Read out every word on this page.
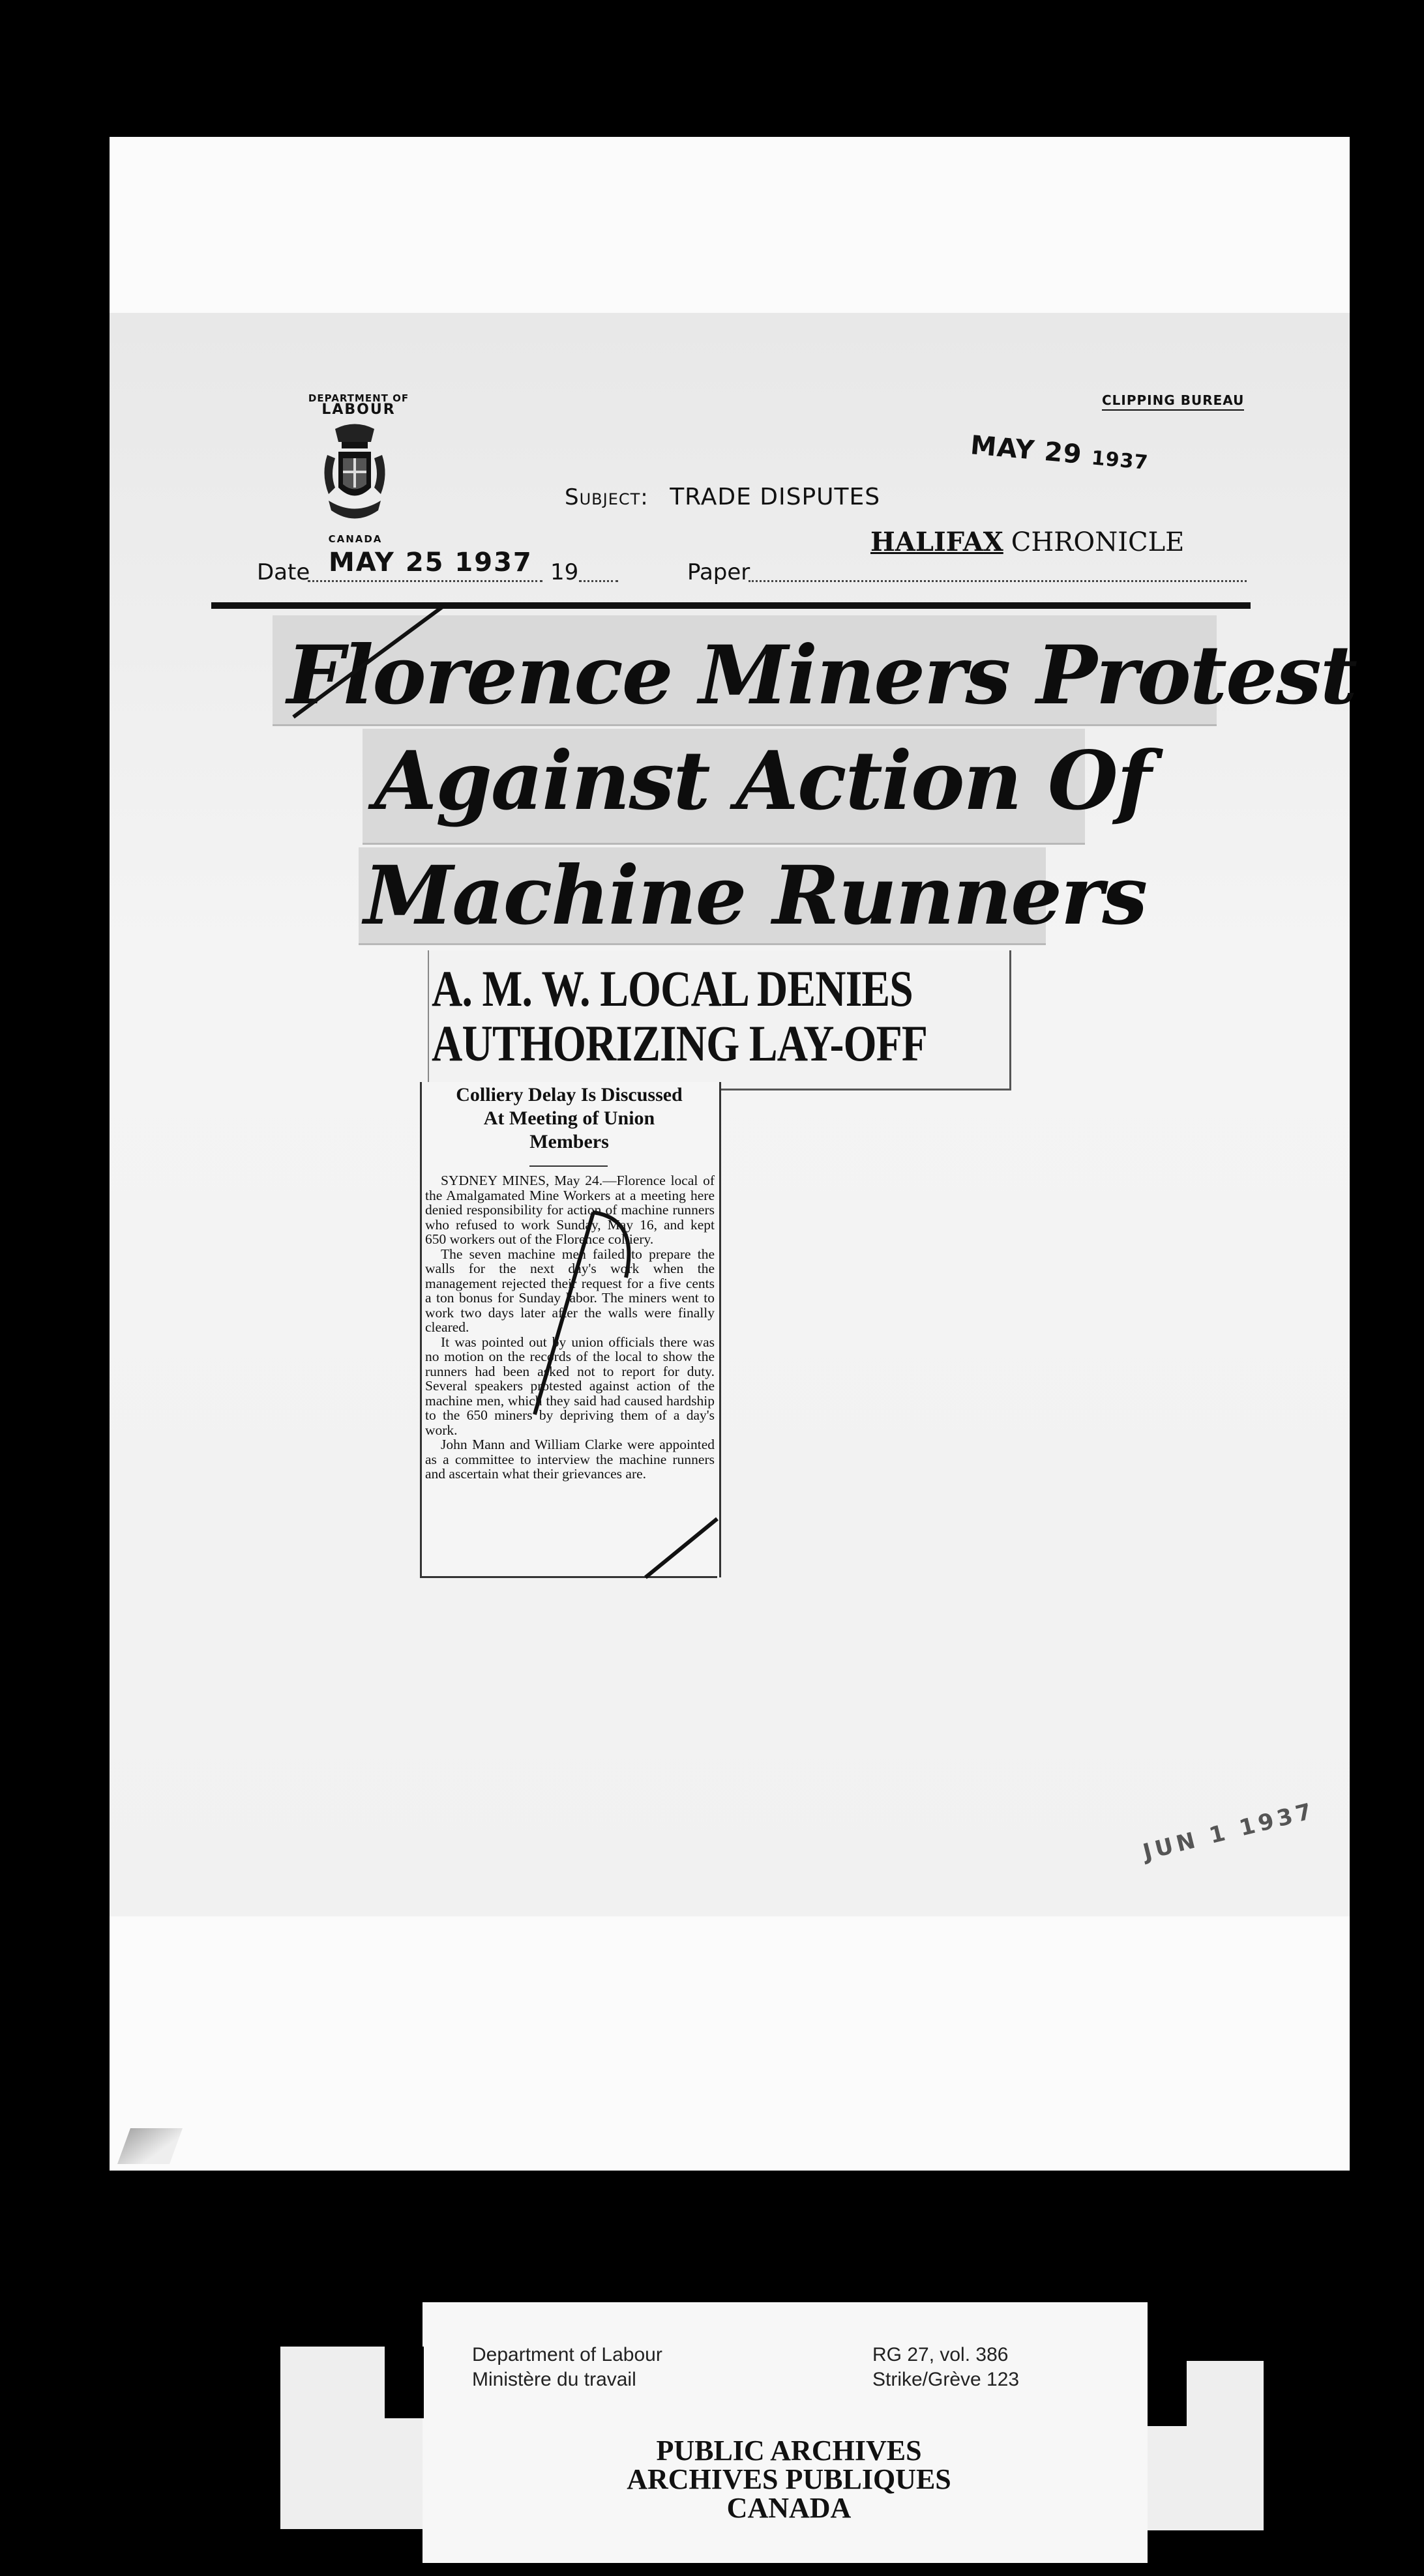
DEPARTMENT OF
LABOUR
CANADA
CLIPPING BUREAU
MAY 29 1937
Subject: TRADE DISPUTES
HALIFAX CHRONICLE
Date	19	Paper
MAY 25 1937
Florence Miners Protest
Against Action Of
Machine Runners
A. M. W. LOCAL DENIES
AUTHORIZING LAY-OFF
Colliery Delay Is Discussed
At Meeting of Union
Members

SYDNEY MINES, May 24.—Florence local of the Amalgamated Mine Workers at a meeting here denied responsibility for action of machine runners who refused to work Sunday, May 16, and kept 650 workers out of the Florence colliery.

The seven machine men failed to prepare the walls for the next day's work when the management rejected their request for a five cents a ton bonus for Sunday labor. The miners went to work two days later after the walls were finally cleared.

It was pointed out by union officials there was no motion on the records of the local to show the runners had been asked not to report for duty. Several speakers protested against action of the machine men, which they said had caused hardship to the 650 miners by depriving them of a day's work.

John Mann and William Clarke were appointed as a committee to interview the machine runners and ascertain what their grievances are.

JUN 1 1937
Department of Labour
Ministère du travail
RG 27, vol. 386
Strike/Grève 123
PUBLIC ARCHIVES
ARCHIVES PUBLIQUES
CANADA
